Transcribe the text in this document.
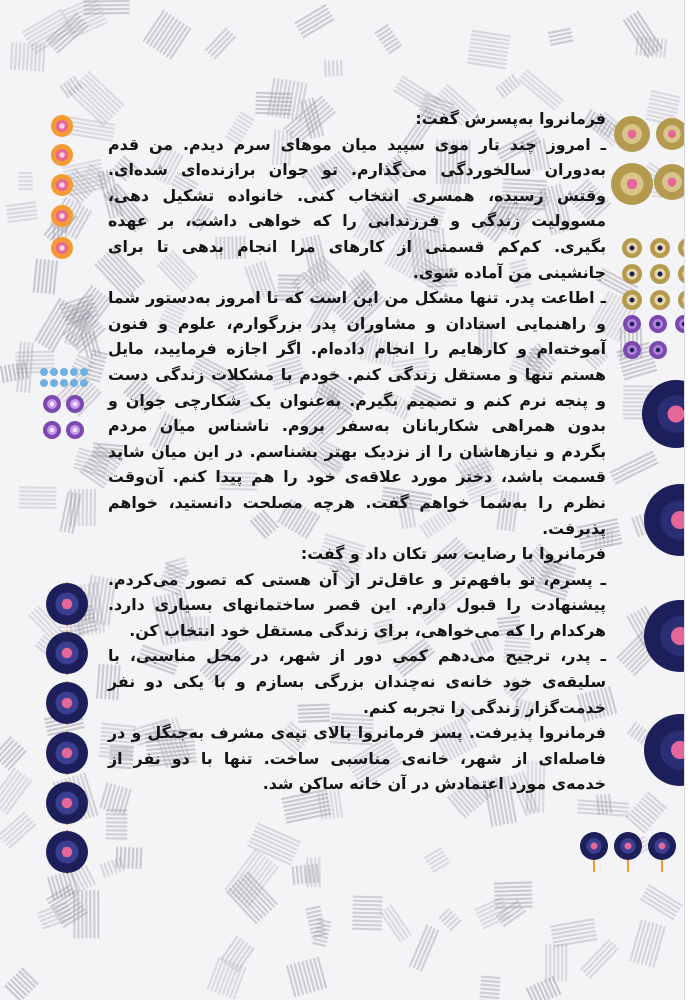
فرمانروا به‌پسرش گفت:

ـ امروز چند تار موی سپید میان موهای سرم دیدم. من قدم به‌دوران سالخوردگی می‌گذارم. تو جوان برازنده‌ای شده‌ای. وقتش رسیده، همسری انتخاب کنی. خانواده تشکیل دهی، مسوولیت زندگی و فرزندانی را که خواهی داشت، بر عهده بگیری. کم‌کم قسمتی از کارهای مرا انجام بدهی تا برای جانشینی من آماده شوی.

ـ اطاعت پدر. تنها مشکل من این است که تا امروز به‌دستور شما و راهنمایی استادان و مشاوران پدر بزرگوارم، علوم و فنون آموخته‌ام و کارهایم را انجام داده‌ام. اگر اجازه فرمایید، مایل هستم تنها و مستقل زندگی کنم. خودم با مشکلات زندگی دست و پنجه نرم کنم و تصمیم بگیرم. به‌عنوان یک شکارچی جوان و بدون همراهی شکاربانان به‌سفر بروم. ناشناس میان مردم بگردم و نیازهاشان را از نزدیک بهتر بشناسم. در این میان شاید قسمت باشد، دختر مورد علاقه‌ی خود را هم پیدا کنم. آن‌وقت نظرم را به‌شما خواهم گفت. هرچه مصلحت دانستید، خواهم پذیرفت.

فرمانروا با رضایت سر تکان داد و گفت:

ـ پسرم، تو بافهم‌تر و عاقل‌تر از آن هستی که تصور می‌کردم. پیشنهادت را قبول دارم. این قصر ساختمانهای بسیاری دارد. هرکدام را که می‌خواهی، برای زندگی مستقل خود انتخاب کن.

ـ پدر، ترجیح می‌دهم کمی دور از شهر، در محل مناسبی، با سلیقه‌ی خود خانه‌ی نه‌چندان بزرگی بسازم و با یکی دو نفر خدمت‌گزار زندگی را تجربه کنم.

فرمانروا پذیرفت. پسر فرمانروا بالای تپه‌ی مشرف به‌جنگل و در فاصله‌ای از شهر، خانه‌ی مناسبی ساخت. تنها با دو نفر از خدمه‌ی مورد اعتمادش در آن خانه ساکن شد.
